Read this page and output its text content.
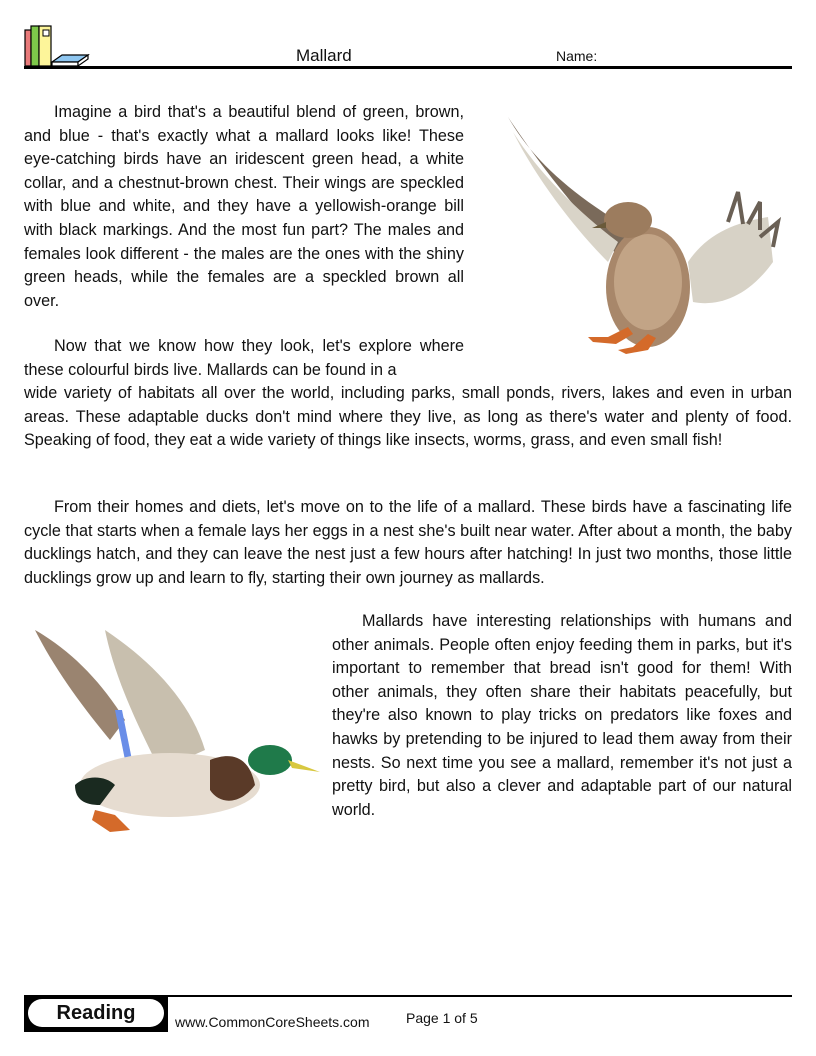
Mallard	Name:

Imagine a bird that's a beautiful blend of green, brown, and blue - that's exactly what a mallard looks like! These eye-catching birds have an iridescent green head, a white collar, and a chestnut-brown chest. Their wings are speckled with blue and white, and they have a yellowish-orange bill with black markings. And the most fun part? The males and females look different - the males are the ones with the shiny green heads, while the females are a speckled brown all over.

Now that we know how they look, let's explore where these colourful birds live. Mallards can be found in a

wide variety of habitats all over the world, including parks, small ponds, rivers, lakes and even in urban areas. These adaptable ducks don't mind where they live, as long as there's water and plenty of food. Speaking of food, they eat a wide variety of things like insects, worms, grass, and even small fish!

From their homes and diets, let's move on to the life of a mallard. These birds have a fascinating life cycle that starts when a female lays her eggs in a nest she's built near water. After about a month, the baby ducklings hatch, and they can leave the nest just a few hours after hatching! In just two months, those little ducklings grow up and learn to fly, starting their own journey as mallards.

Mallards have interesting relationships with humans and other animals. People often enjoy feeding them in parks, but it's important to remember that bread isn't good for them! With other animals, they often share their habitats peacefully, but they're also known to play tricks on predators like foxes and hawks by pretending to be injured to lead them away from their nests. So next time you see a mallard, remember it's not just a pretty bird, but also a clever and adaptable part of our natural world.

Reading	www.CommonCoreSheets.com	Page 1 of 5
